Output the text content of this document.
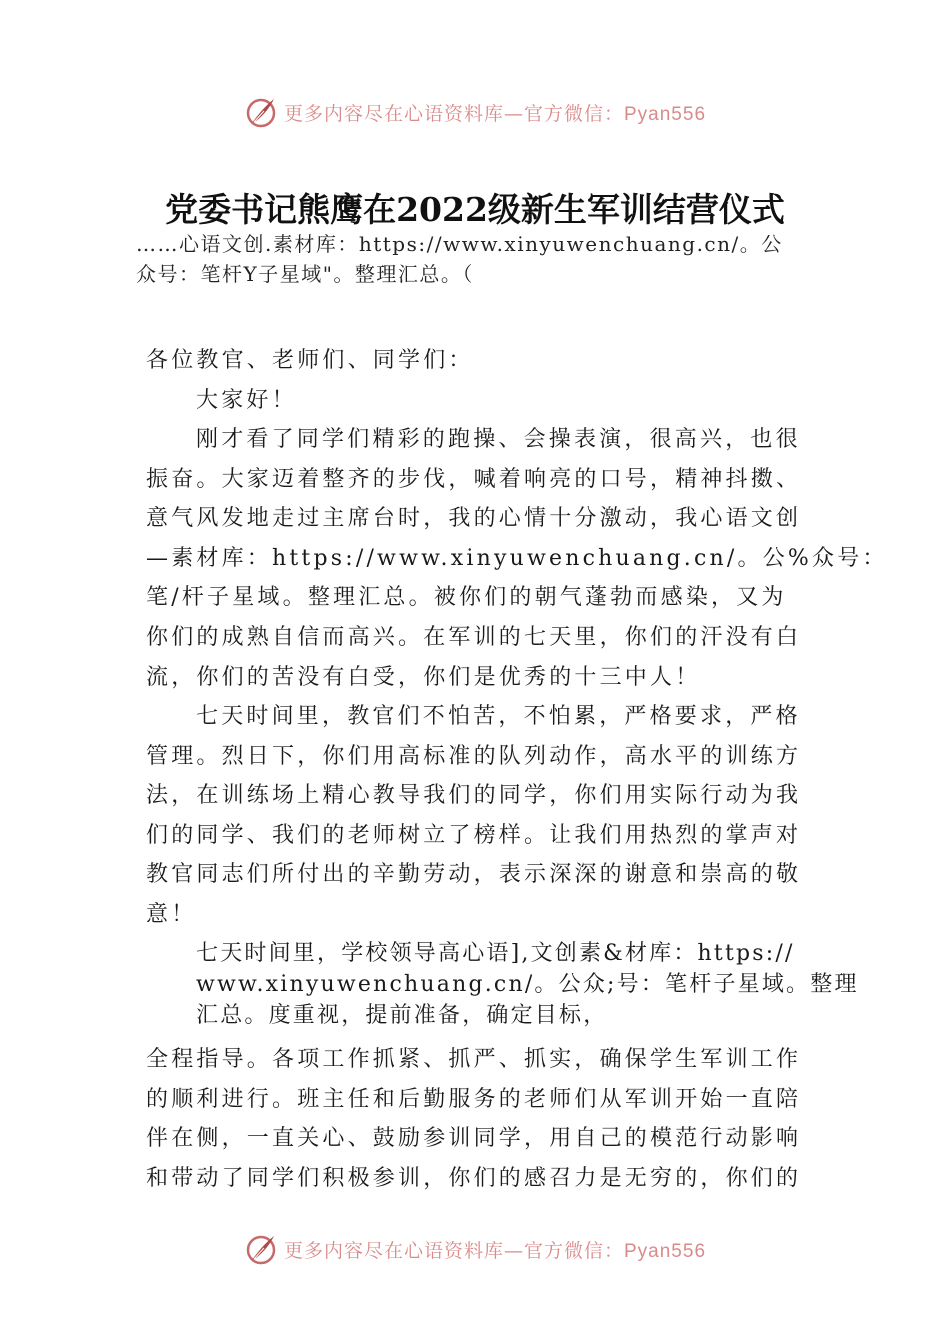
更多内容尽在心语资料库—官方微信：Pyan556
党委书记熊鹰在2022级新生军训结营仪式
……心语文创.素材库：https://www.xinyuwenchuang.cn/。公
众号：笔杆Y子星域"。整理汇总。（
各位教官、老师们、同学们：
大家好！
刚才看了同学们精彩的跑操、会操表演，很高兴，也很
振奋。大家迈着整齐的步伐，喊着响亮的口号，精神抖擞、
意气风发地走过主席台时，我的心情十分激动，我心语文创
—素材库：https://www.xinyuwenchuang.cn/。公%众号：
笔/杆子星域。整理汇总。被你们的朝气蓬勃而感染，又为
你们的成熟自信而高兴。在军训的七天里，你们的汗没有白
流，你们的苦没有白受，你们是优秀的十三中人！
七天时间里，教官们不怕苦，不怕累，严格要求，严格
管理。烈日下，你们用高标准的队列动作，高水平的训练方
法，在训练场上精心教导我们的同学，你们用实际行动为我
们的同学、我们的老师树立了榜样。让我们用热烈的掌声对
教官同志们所付出的辛勤劳动，表示深深的谢意和崇高的敬
意！
七天时间里，学校领导高心语],文创素&材库：https://
www.xinyuwenchuang.cn/。公众;号：笔杆子星域。整理
汇总。度重视，提前准备，确定目标，
全程指导。各项工作抓紧、抓严、抓实，确保学生军训工作
的顺利进行。班主任和后勤服务的老师们从军训开始一直陪
伴在侧，一直关心、鼓励参训同学，用自己的模范行动影响
和带动了同学们积极参训，你们的感召力是无穷的，你们的
更多内容尽在心语资料库—官方微信：Pyan556
